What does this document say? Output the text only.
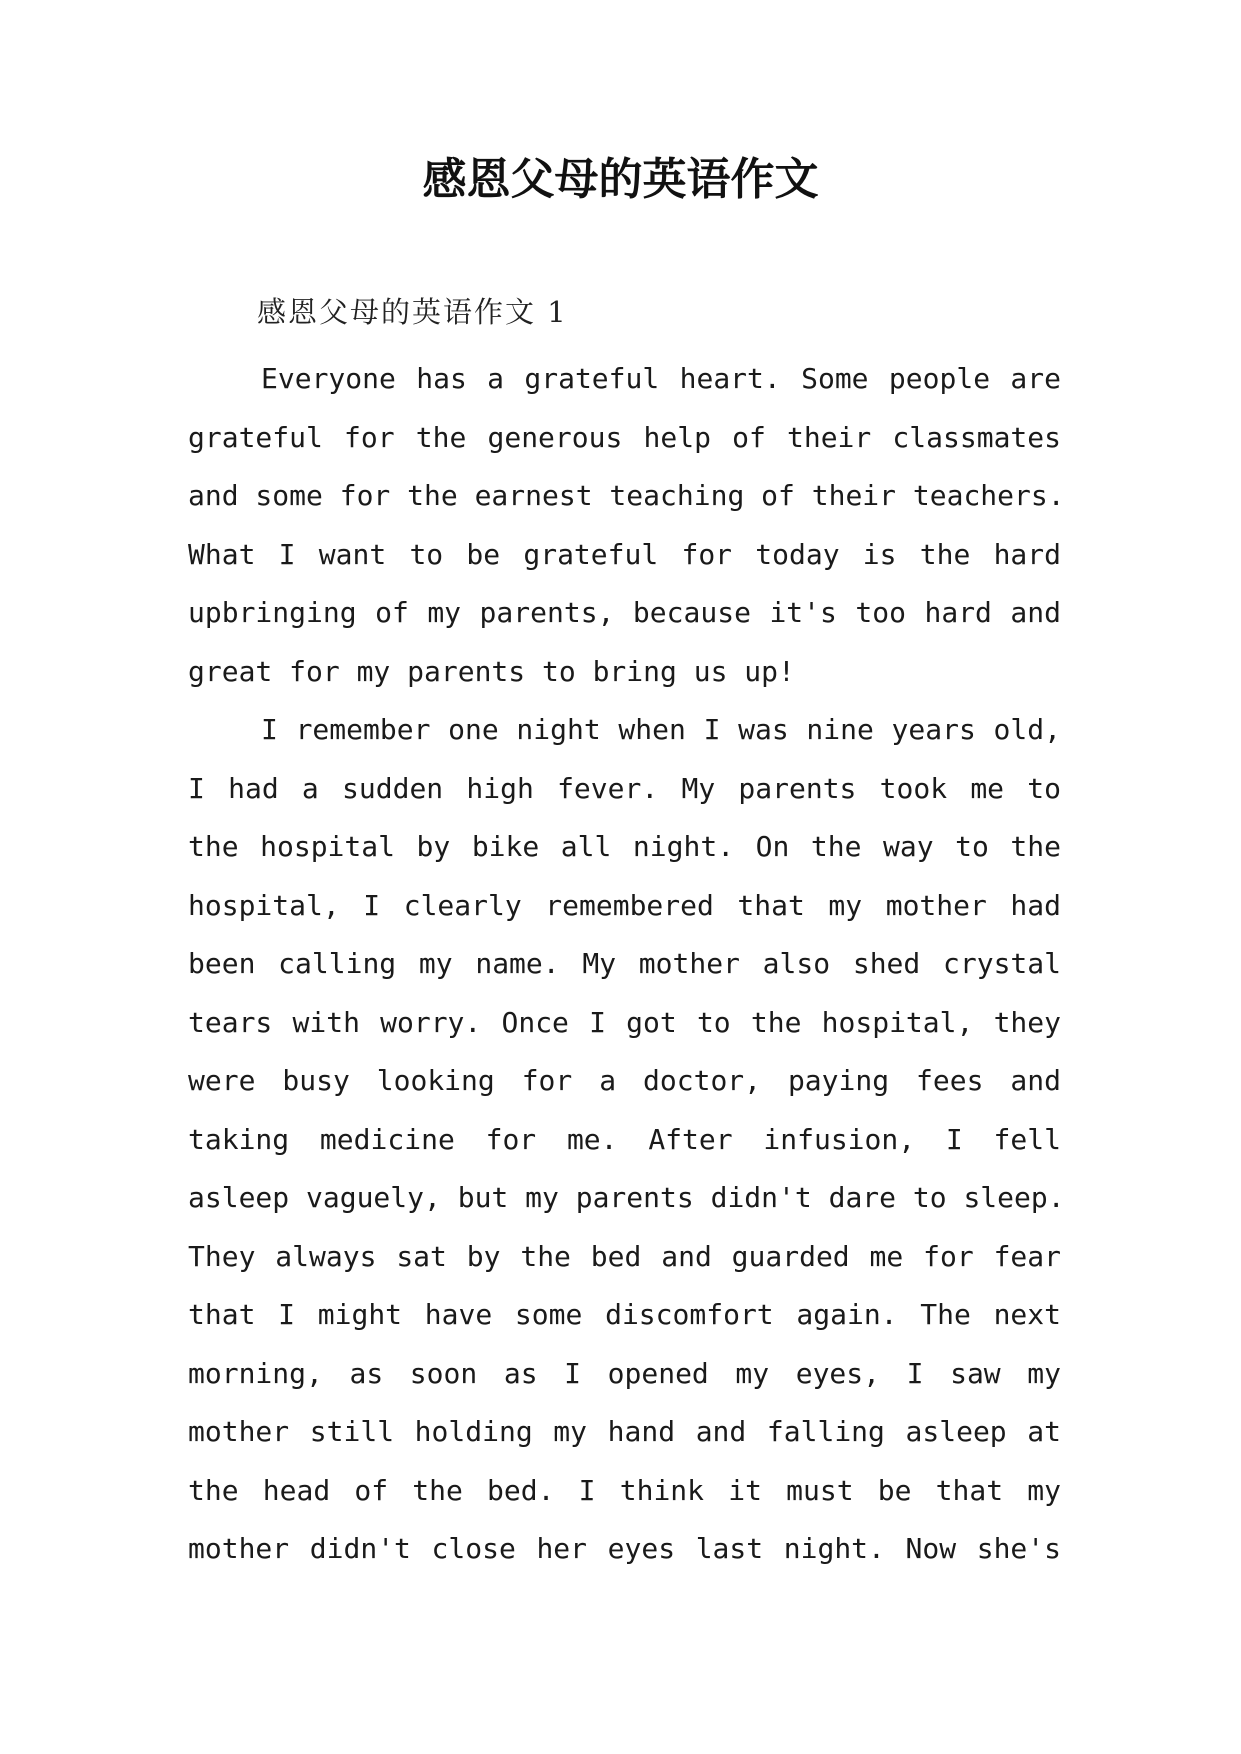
感恩父母的英语作文

感恩父母的英语作文 1

Everyone has a grateful heart. Some people are
grateful for the generous help of their classmates
and some for the earnest teaching of their teachers.
What I want to be grateful for today is the hard
upbringing of my parents, because it's too hard and
great for my parents to bring us up!
I remember one night when I was nine years old,
I had a sudden high fever. My parents took me to
the hospital by bike all night. On the way to the
hospital, I clearly remembered that my mother had
been calling my name. My mother also shed crystal
tears with worry. Once I got to the hospital, they
were busy looking for a doctor, paying fees and
taking medicine for me. After infusion, I fell
asleep vaguely, but my parents didn't dare to sleep.
They always sat by the bed and guarded me for fear
that I might have some discomfort again. The next
morning, as soon as I opened my eyes, I saw my
mother still holding my hand and falling asleep at
the head of the bed. I think it must be that my
mother didn't close her eyes last night. Now she's
